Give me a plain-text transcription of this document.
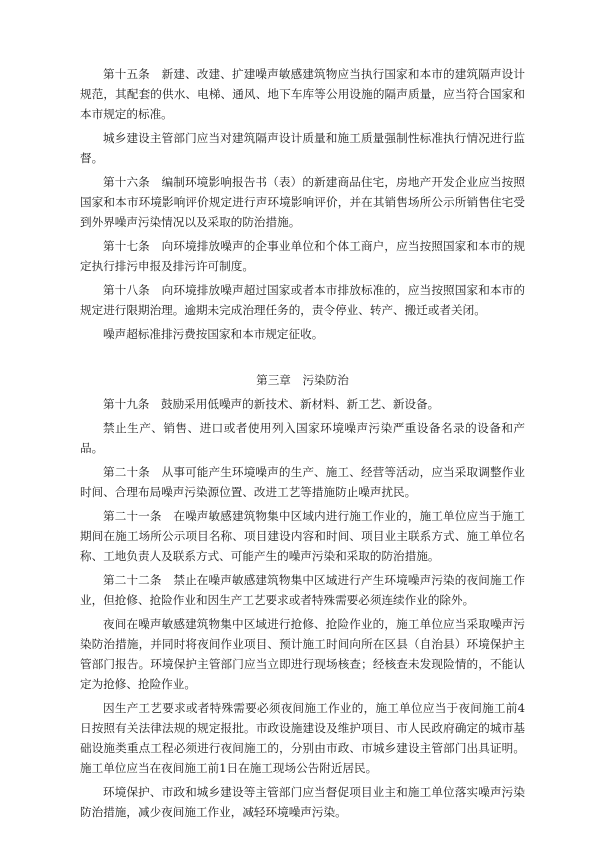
第十五条　新建、改建、扩建噪声敏感建筑物应当执行国家和本市的建筑隔声设计规范，其配套的供水、电梯、通风、地下车库等公用设施的隔声质量，应当符合国家和本市规定的标准。

城乡建设主管部门应当对建筑隔声设计质量和施工质量强制性标准执行情况进行监督。

第十六条　编制环境影响报告书（表）的新建商品住宅，房地产开发企业应当按照国家和本市环境影响评价规定进行声环境影响评价，并在其销售场所公示所销售住宅受到外界噪声污染情况以及采取的防治措施。

第十七条　向环境排放噪声的企事业单位和个体工商户，应当按照国家和本市的规定执行排污申报及排污许可制度。

第十八条　向环境排放噪声超过国家或者本市排放标准的，应当按照国家和本市的规定进行限期治理。逾期未完成治理任务的，责令停业、转产、搬迁或者关闭。

噪声超标准排污费按国家和本市规定征收。

第三章　污染防治

第十九条　鼓励采用低噪声的新技术、新材料、新工艺、新设备。

禁止生产、销售、进口或者使用列入国家环境噪声污染严重设备名录的设备和产品。

第二十条　从事可能产生环境噪声的生产、施工、经营等活动，应当采取调整作业时间、合理布局噪声污染源位置、改进工艺等措施防止噪声扰民。

第二十一条　在噪声敏感建筑物集中区域内进行施工作业的，施工单位应当于施工期间在施工场所公示项目名称、项目建设内容和时间、项目业主联系方式、施工单位名称、工地负责人及联系方式、可能产生的噪声污染和采取的防治措施。

第二十二条　禁止在噪声敏感建筑物集中区域进行产生环境噪声污染的夜间施工作业，但抢修、抢险作业和因生产工艺要求或者特殊需要必须连续作业的除外。

夜间在噪声敏感建筑物集中区域进行抢修、抢险作业的，施工单位应当采取噪声污染防治措施，并同时将夜间作业项目、预计施工时间向所在区县（自治县）环境保护主管部门报告。环境保护主管部门应当立即进行现场核查；经核查未发现险情的，不能认定为抢修、抢险作业。

因生产工艺要求或者特殊需要必须夜间施工作业的，施工单位应当于夜间施工前4日按照有关法律法规的规定报批。市政设施建设及维护项目、市人民政府确定的城市基础设施类重点工程必须进行夜间施工的，分别由市政、市城乡建设主管部门出具证明。施工单位应当在夜间施工前1日在施工现场公告附近居民。

环境保护、市政和城乡建设等主管部门应当督促项目业主和施工单位落实噪声污染防治措施，减少夜间施工作业，减轻环境噪声污染。
